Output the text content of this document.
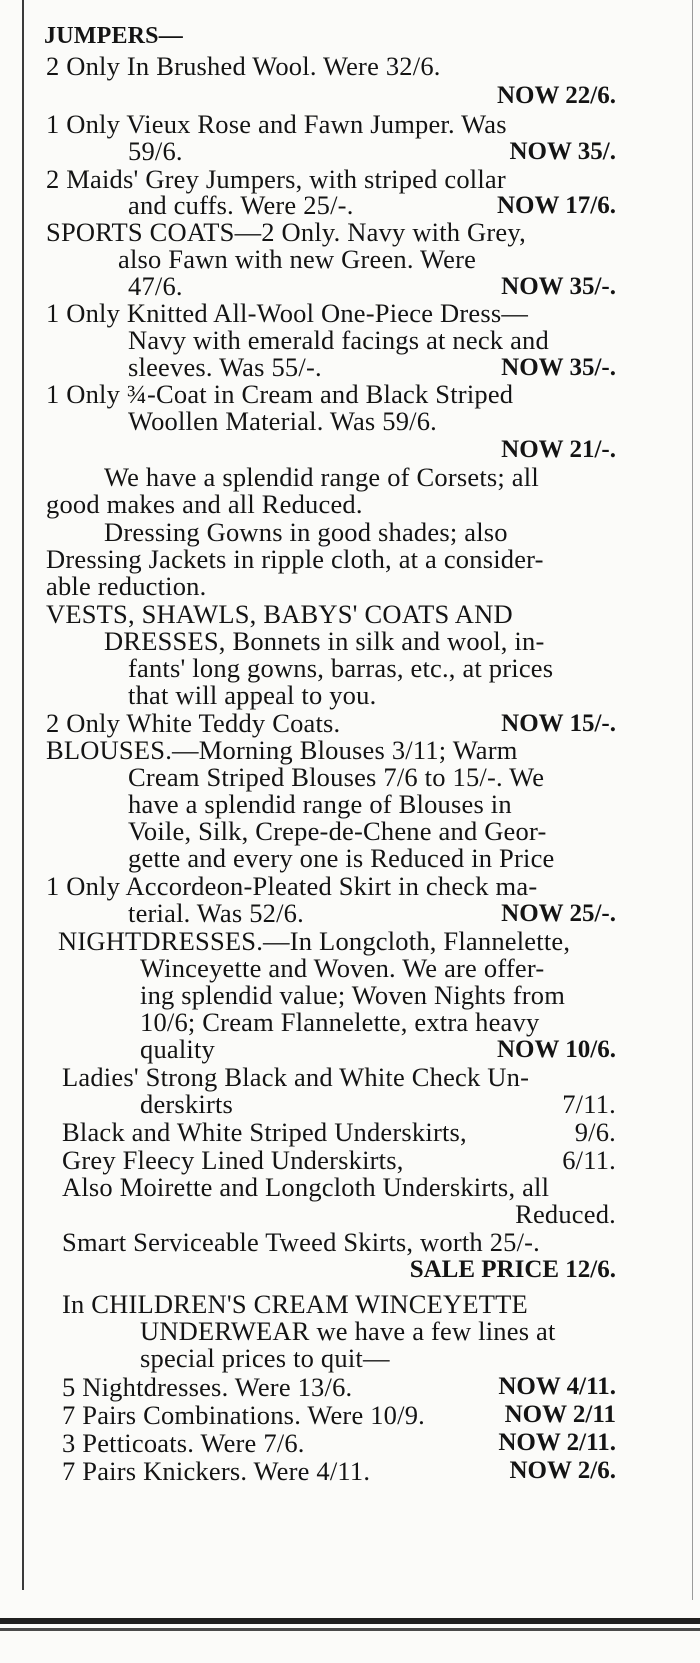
JUMPERS—
2 Only In Brushed Wool. Were 32/6.
NOW 22/6.
1 Only Vieux Rose and Fawn Jumper. Was
59/6.	NOW 35/.
2 Maids' Grey Jumpers, with striped collar
and cuffs. Were 25/-.	NOW 17/6.
SPORTS COATS—2 Only. Navy with Grey,
also Fawn with new Green. Were
47/6.	NOW 35/-.
1 Only Knitted All-Wool One-Piece Dress—
Navy with emerald facings at neck and
sleeves. Was 55/-.	NOW 35/-.
1 Only ¾-Coat in Cream and Black Striped
Woollen Material. Was 59/6.
NOW 21/-.
We have a splendid range of Corsets; all
good makes and all Reduced.
Dressing Gowns in good shades; also
Dressing Jackets in ripple cloth, at a consider-
able reduction.
VESTS, SHAWLS, BABYS' COATS AND
DRESSES, Bonnets in silk and wool, in-
fants' long gowns, barras, etc., at prices
that will appeal to you.
2 Only White Teddy Coats.	NOW 15/-.
BLOUSES.—Morning Blouses 3/11; Warm
Cream Striped Blouses 7/6 to 15/-. We
have a splendid range of Blouses in
Voile, Silk, Crepe-de-Chene and Geor-
gette and every one is Reduced in Price
1 Only Accordeon-Pleated Skirt in check ma-
terial. Was 52/6.	NOW 25/-.
NIGHTDRESSES.—In Longcloth, Flannelette,
Winceyette and Woven. We are offer-
ing splendid value; Woven Nights from
10/6; Cream Flannelette, extra heavy
quality	NOW 10/6.
Ladies' Strong Black and White Check Un-
derskirts	7/11.
Black and White Striped Underskirts,	9/6.
Grey Fleecy Lined Underskirts,	6/11.
Also Moirette and Longcloth Underskirts, all
Reduced.
Smart Serviceable Tweed Skirts, worth 25/-.
SALE PRICE 12/6.
In CHILDREN'S CREAM WINCEYETTE
UNDERWEAR we have a few lines at
special prices to quit—
5 Nightdresses. Were 13/6.	NOW 4/11.
7 Pairs Combinations. Were 10/9.	NOW 2/11
3 Petticoats. Were 7/6.	NOW 2/11.
7 Pairs Knickers. Were 4/11.	NOW 2/6.
